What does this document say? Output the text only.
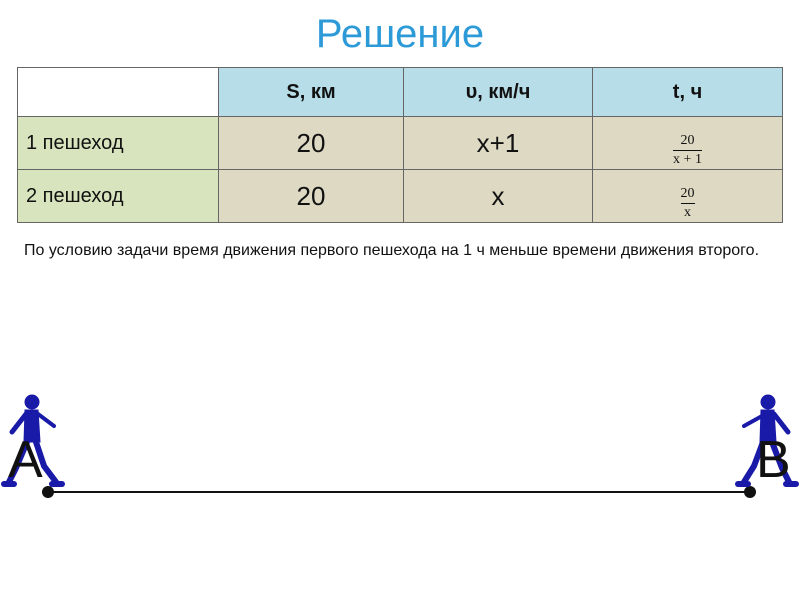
Решение
	S, км	υ, км/ч	t, ч
1 пешеход	20	x+1	$\frac{20}{x + 1}$

2 пешеход	20	x	$\frac{20}{x}$
По условию задачи время движения первого пешехода на 1 ч меньше времени движения второго.
A	B
